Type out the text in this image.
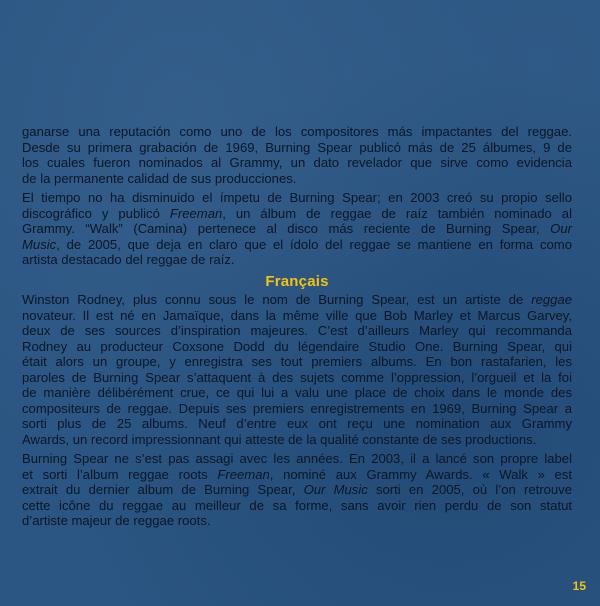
ganarse una reputación como uno de los compositores más impactantes del reggae.
Desde su primera grabación de 1969, Burning Spear publicó más de 25 álbumes, 9 de
los cuales fueron nominados al Grammy, un dato revelador que sirve como evidencia
de la permanente calidad de sus producciones.
El tiempo no ha disminuido el ímpetu de Burning Spear; en 2003 creó su propio sello
discográfico y publicó Freeman, un álbum de reggae de raíz también nominado al
Grammy. “Walk” (Camina) pertenece al disco más reciente de Burning Spear, Our
Music, de 2005, que deja en claro que el ídolo del reggae se mantiene en forma como
artista destacado del reggae de raíz.
Français
Winston Rodney, plus connu sous le nom de Burning Spear, est un artiste de reggae
novateur. Il est né en Jamaïque, dans la même ville que Bob Marley et Marcus Garvey,
deux de ses sources d’inspiration majeures. C’est d’ailleurs Marley qui recommanda
Rodney au producteur Coxsone Dodd du légendaire Studio One. Burning Spear, qui
était alors un groupe, y enregistra ses tout premiers albums. En bon rastafarien, les
paroles de Burning Spear s’attaquent à des sujets comme l’oppression, l’orgueil et la foi
de manière délibérément crue, ce qui lui a valu une place de choix dans le monde des
compositeurs de reggae. Depuis ses premiers enregistrements en 1969, Burning Spear a
sorti plus de 25 albums. Neuf d’entre eux ont reçu une nomination aux Grammy
Awards, un record impressionnant qui atteste de la qualité constante de ses productions.
Burning Spear ne s’est pas assagi avec les années. En 2003, il a lancé son propre label
et sorti l’album reggae roots Freeman, nominé aux Grammy Awards. « Walk » est
extrait du dernier album de Burning Spear, Our Music sorti en 2005, où l’on retrouve
cette icône du reggae au meilleur de sa forme, sans avoir rien perdu de son statut
d’artiste majeur de reggae roots.
15
